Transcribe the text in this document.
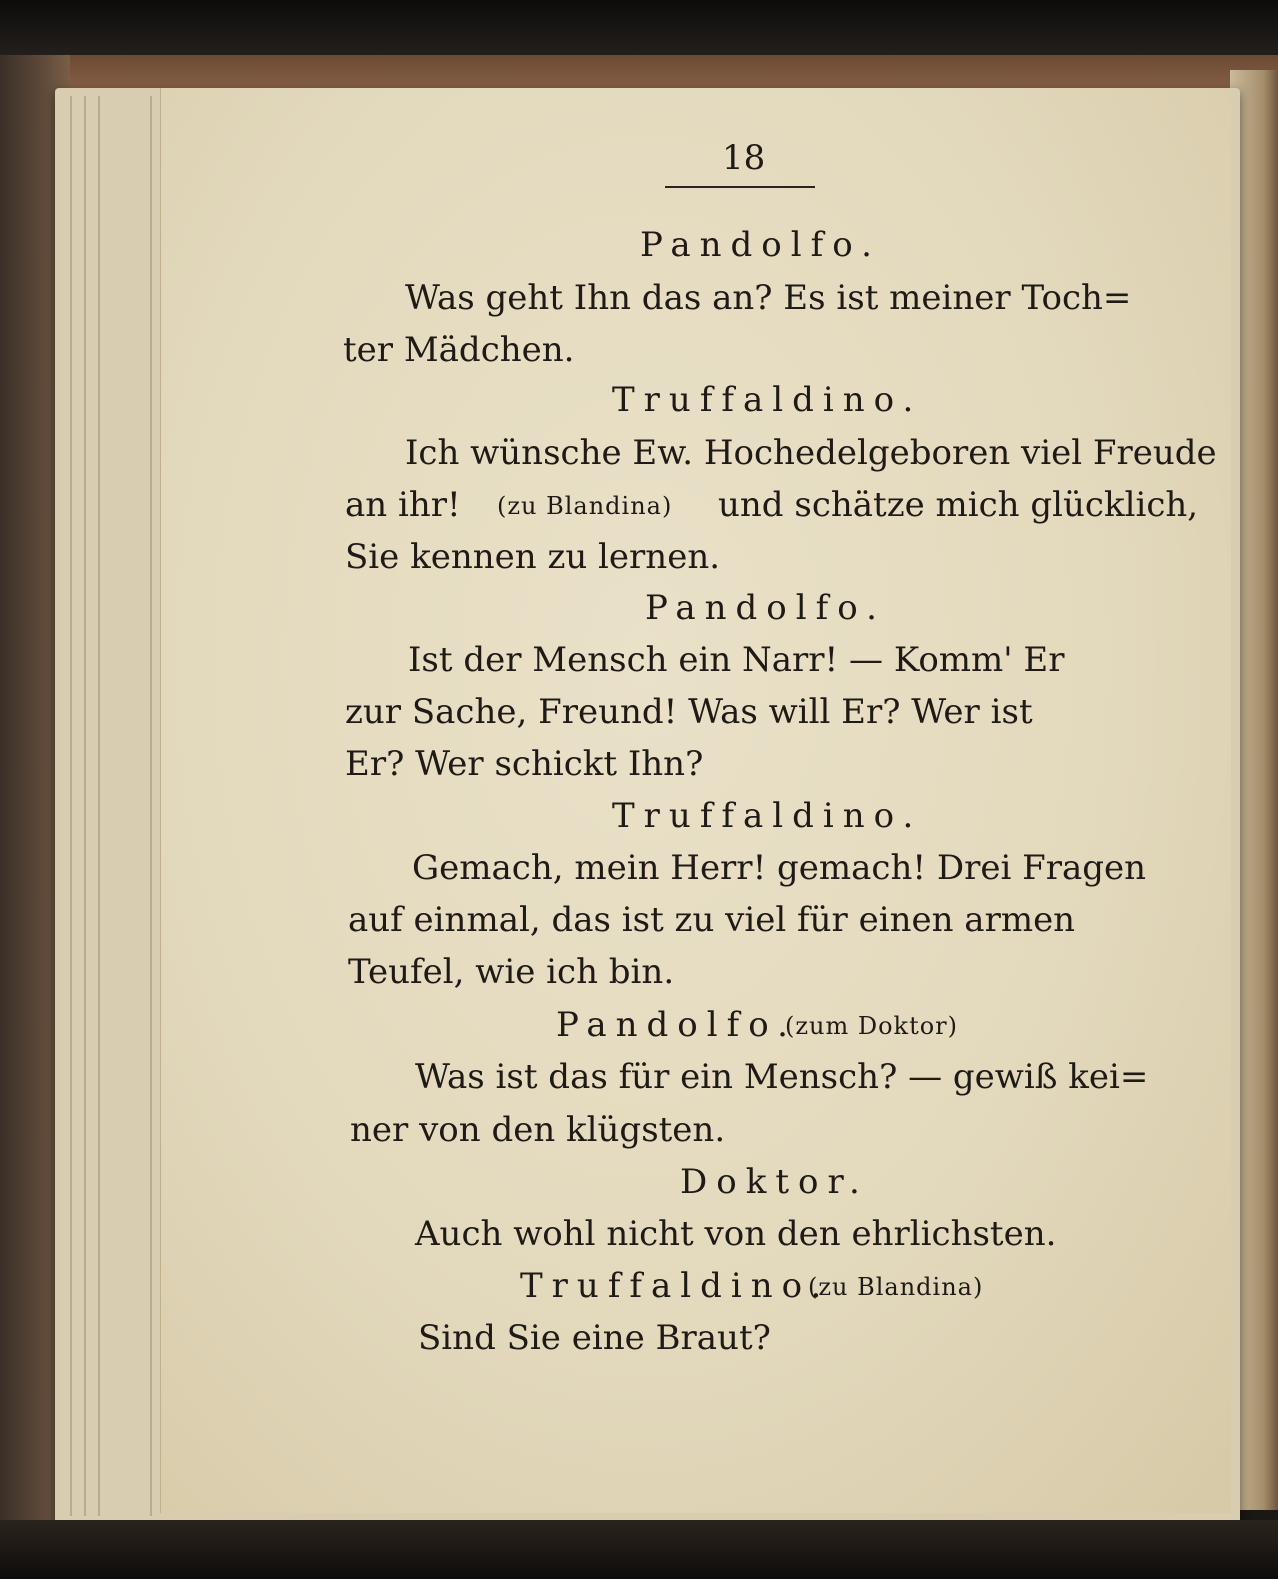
18
Pandolfo.
Was geht Ihn das an? Es ist meiner Toch=
ter Mädchen.
Truffaldino.
Ich wünsche Ew. Hochedelgeboren viel Freude
an ihr! (zu Blandina) und schätze mich glücklich,
Sie kennen zu lernen.
Pandolfo.
Ist der Mensch ein Narr! — Komm' Er
zur Sache, Freund! Was will Er? Wer ist
Er? Wer schickt Ihn?
Truffaldino.
Gemach, mein Herr! gemach! Drei Fragen
auf einmal, das ist zu viel für einen armen
Teufel, wie ich bin.
Pandolfo.
(zum Doktor)
Was ist das für ein Mensch? — gewiß kei=
ner von den klügsten.
Doktor.
Auch wohl nicht von den ehrlichsten.
Truffaldino.
(zu Blandina)
Sind Sie eine Braut?
